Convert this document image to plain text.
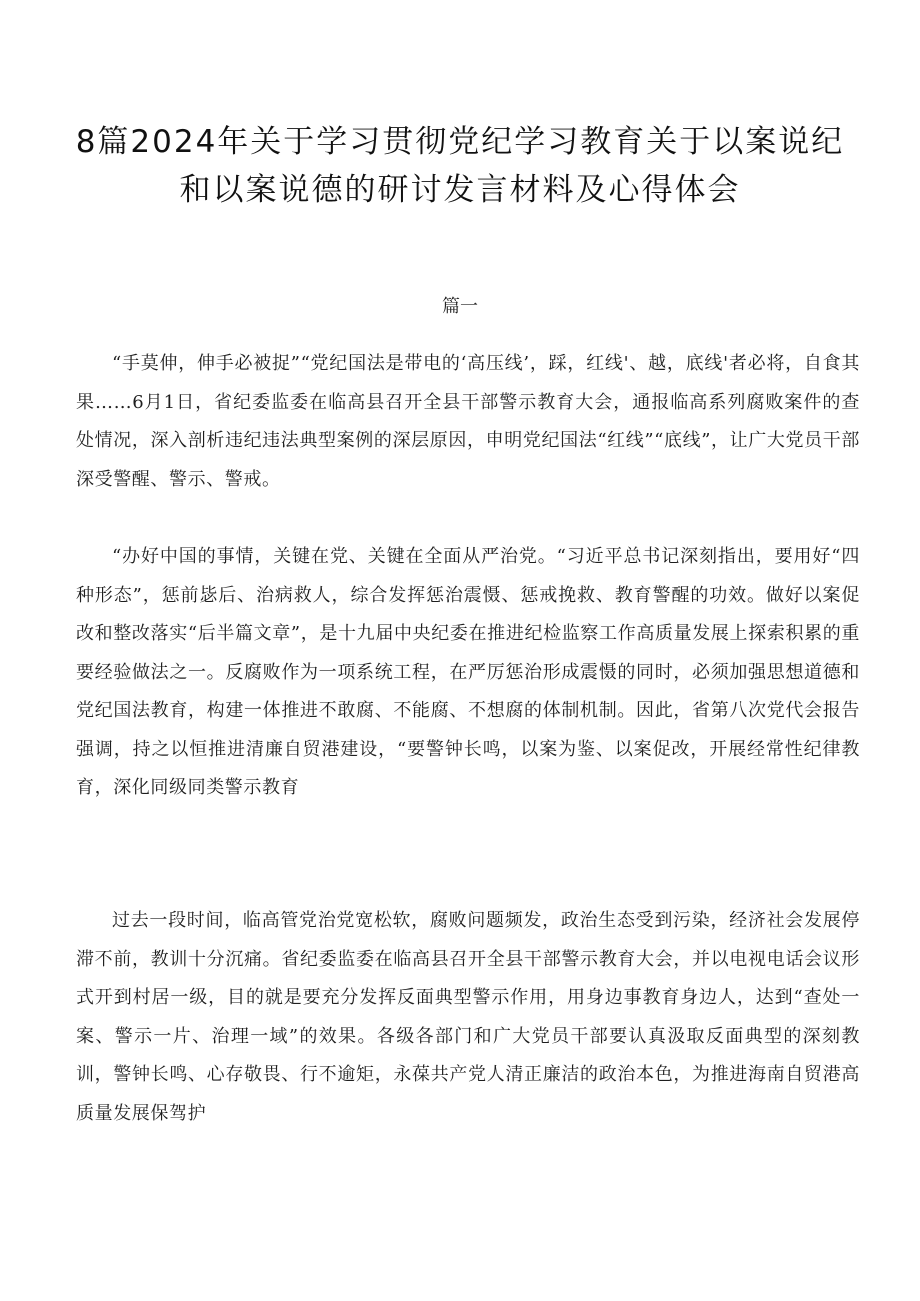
8篇2024年关于学习贯彻党纪学习教育关于以案说纪和以案说德的研讨发言材料及心得体会
篇一

“手莫伸，伸手必被捉”“党纪国法是带电的‘高压线’，踩，红线'、越，底线'者必将，自食其果……6月1日，省纪委监委在临高县召开全县干部警示教育大会，通报临高系列腐败案件的查处情况，深入剖析违纪违法典型案例的深层原因，申明党纪国法“红线”“底线”，让广大党员干部深受警醒、警示、警戒。

“办好中国的事情，关键在党、关键在全面从严治党。“习近平总书记深刻指出，要用好“四种形态”，惩前毖后、治病救人，综合发挥惩治震慑、惩戒挽救、教育警醒的功效。做好以案促改和整改落实“后半篇文章”，是十九届中央纪委在推进纪检监察工作高质量发展上探索积累的重要经验做法之一。反腐败作为一项系统工程，在严厉惩治形成震慑的同时，必须加强思想道德和党纪国法教育，构建一体推进不敢腐、不能腐、不想腐的体制机制。因此，省第八次党代会报告强调，持之以恒推进清廉自贸港建设，“要警钟长鸣，以案为鉴、以案促改，开展经常性纪律教育，深化同级同类警示教育

过去一段时间，临高管党治党宽松软，腐败问题频发，政治生态受到污染，经济社会发展停滞不前，教训十分沉痛。省纪委监委在临高县召开全县干部警示教育大会，并以电视电话会议形式开到村居一级，目的就是要充分发挥反面典型警示作用，用身边事教育身边人，达到“查处一案、警示一片、治理一域”的效果。各级各部门和广大党员干部要认真汲取反面典型的深刻教训，警钟长鸣、心存敬畏、行不逾矩，永葆共产党人清正廉洁的政治本色，为推进海南自贸港高质量发展保驾护
